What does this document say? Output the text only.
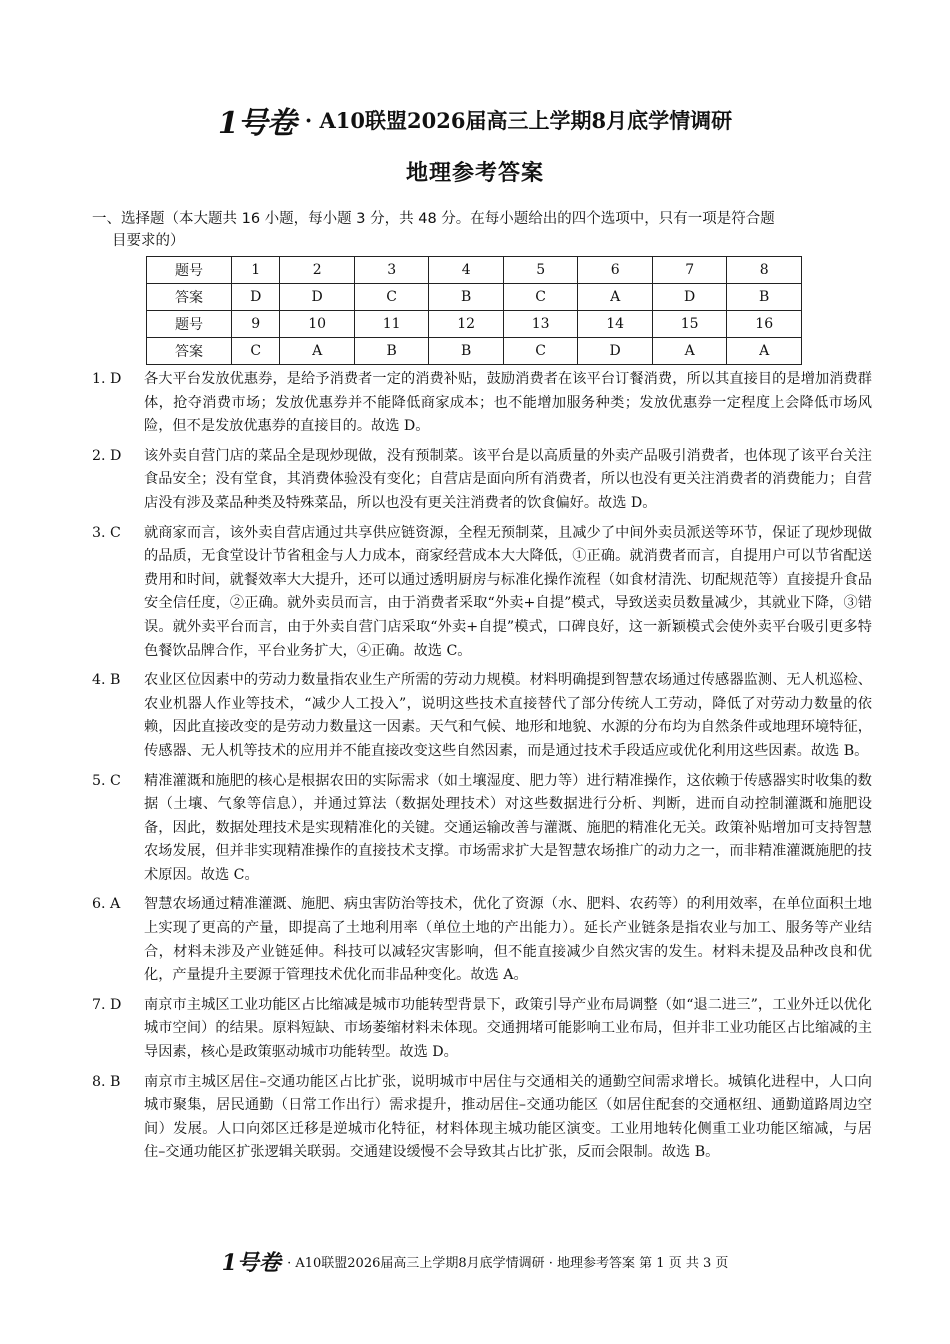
1号卷 · A10联盟2026届高三上学期8月底学情调研
地理参考答案
一、选择题（本大题共 16 小题，每小题 3 分，共 48 分。在每小题给出的四个选项中，只有一项是符合题
目要求的）
题号	1	2	3	4	5	6	7	8
答案	D	D	C	B	C	A	D	B
题号	9	10	11	12	13	14	15	16
答案	C	A	B	B	C	D	A	A
1. D	各大平台发放优惠券，是给予消费者一定的消费补贴，鼓励消费者在该平台订餐消费，所以其直接目的是增加消费群体，抢夺消费市场；发放优惠券并不能降低商家成本；也不能增加服务种类；发放优惠券一定程度上会降低市场风险，但不是发放优惠券的直接目的。故选 D。
2. D	该外卖自营门店的菜品全是现炒现做，没有预制菜。该平台是以高质量的外卖产品吸引消费者，也体现了该平台关注食品安全；没有堂食，其消费体验没有变化；自营店是面向所有消费者，所以也没有更关注消费者的消费能力；自营店没有涉及菜品种类及特殊菜品，所以也没有更关注消费者的饮食偏好。故选 D。
3. C	就商家而言，该外卖自营店通过共享供应链资源，全程无预制菜，且减少了中间外卖员派送等环节，保证了现炒现做的品质，无食堂设计节省租金与人力成本，商家经营成本大大降低，①正确。就消费者而言，自提用户可以节省配送费用和时间，就餐效率大大提升，还可以通过透明厨房与标准化操作流程（如食材清洗、切配规范等）直接提升食品安全信任度，②正确。就外卖员而言，由于消费者采取“外卖+自提”模式，导致送卖员数量减少，其就业下降，③错误。就外卖平台而言，由于外卖自营门店采取“外卖+自提”模式，口碑良好，这一新颖模式会使外卖平台吸引更多特色餐饮品牌合作，平台业务扩大，④正确。故选 C。
4. B	农业区位因素中的劳动力数量指农业生产所需的劳动力规模。材料明确提到智慧农场通过传感器监测、无人机巡检、农业机器人作业等技术，“减少人工投入”，说明这些技术直接替代了部分传统人工劳动，降低了对劳动力数量的依赖，因此直接改变的是劳动力数量这一因素。天气和气候、地形和地貌、水源的分布均为自然条件或地理环境特征，传感器、无人机等技术的应用并不能直接改变这些自然因素，而是通过技术手段适应或优化利用这些因素。故选 B。
5. C	精准灌溉和施肥的核心是根据农田的实际需求（如土壤湿度、肥力等）进行精准操作，这依赖于传感器实时收集的数据（土壤、气象等信息），并通过算法（数据处理技术）对这些数据进行分析、判断，进而自动控制灌溉和施肥设备，因此，数据处理技术是实现精准化的关键。交通运输改善与灌溉、施肥的精准化无关。政策补贴增加可支持智慧农场发展，但并非实现精准操作的直接技术支撑。市场需求扩大是智慧农场推广的动力之一，而非精准灌溉施肥的技术原因。故选 C。
6. A	智慧农场通过精准灌溉、施肥、病虫害防治等技术，优化了资源（水、肥料、农药等）的利用效率，在单位面积土地上实现了更高的产量，即提高了土地利用率（单位土地的产出能力）。延长产业链条是指农业与加工、服务等产业结合，材料未涉及产业链延伸。科技可以减轻灾害影响，但不能直接减少自然灾害的发生。材料未提及品种改良和优化，产量提升主要源于管理技术优化而非品种变化。故选 A。
7. D	南京市主城区工业功能区占比缩减是城市功能转型背景下，政策引导产业布局调整（如“退二进三”，工业外迁以优化城市空间）的结果。原料短缺、市场萎缩材料未体现。交通拥堵可能影响工业布局，但并非工业功能区占比缩减的主导因素，核心是政策驱动城市功能转型。故选 D。
8. B	南京市主城区居住–交通功能区占比扩张，说明城市中居住与交通相关的通勤空间需求增长。城镇化进程中，人口向城市聚集，居民通勤（日常工作出行）需求提升，推动居住–交通功能区（如居住配套的交通枢纽、通勤道路周边空间）发展。人口向郊区迁移是逆城市化特征，材料体现主城功能区演变。工业用地转化侧重工业功能区缩减，与居住–交通功能区扩张逻辑关联弱。交通建设缓慢不会导致其占比扩张，反而会限制。故选 B。
1号卷 · A10联盟2026届高三上学期8月底学情调研 · 地理参考答案 第 1 页 共 3 页
